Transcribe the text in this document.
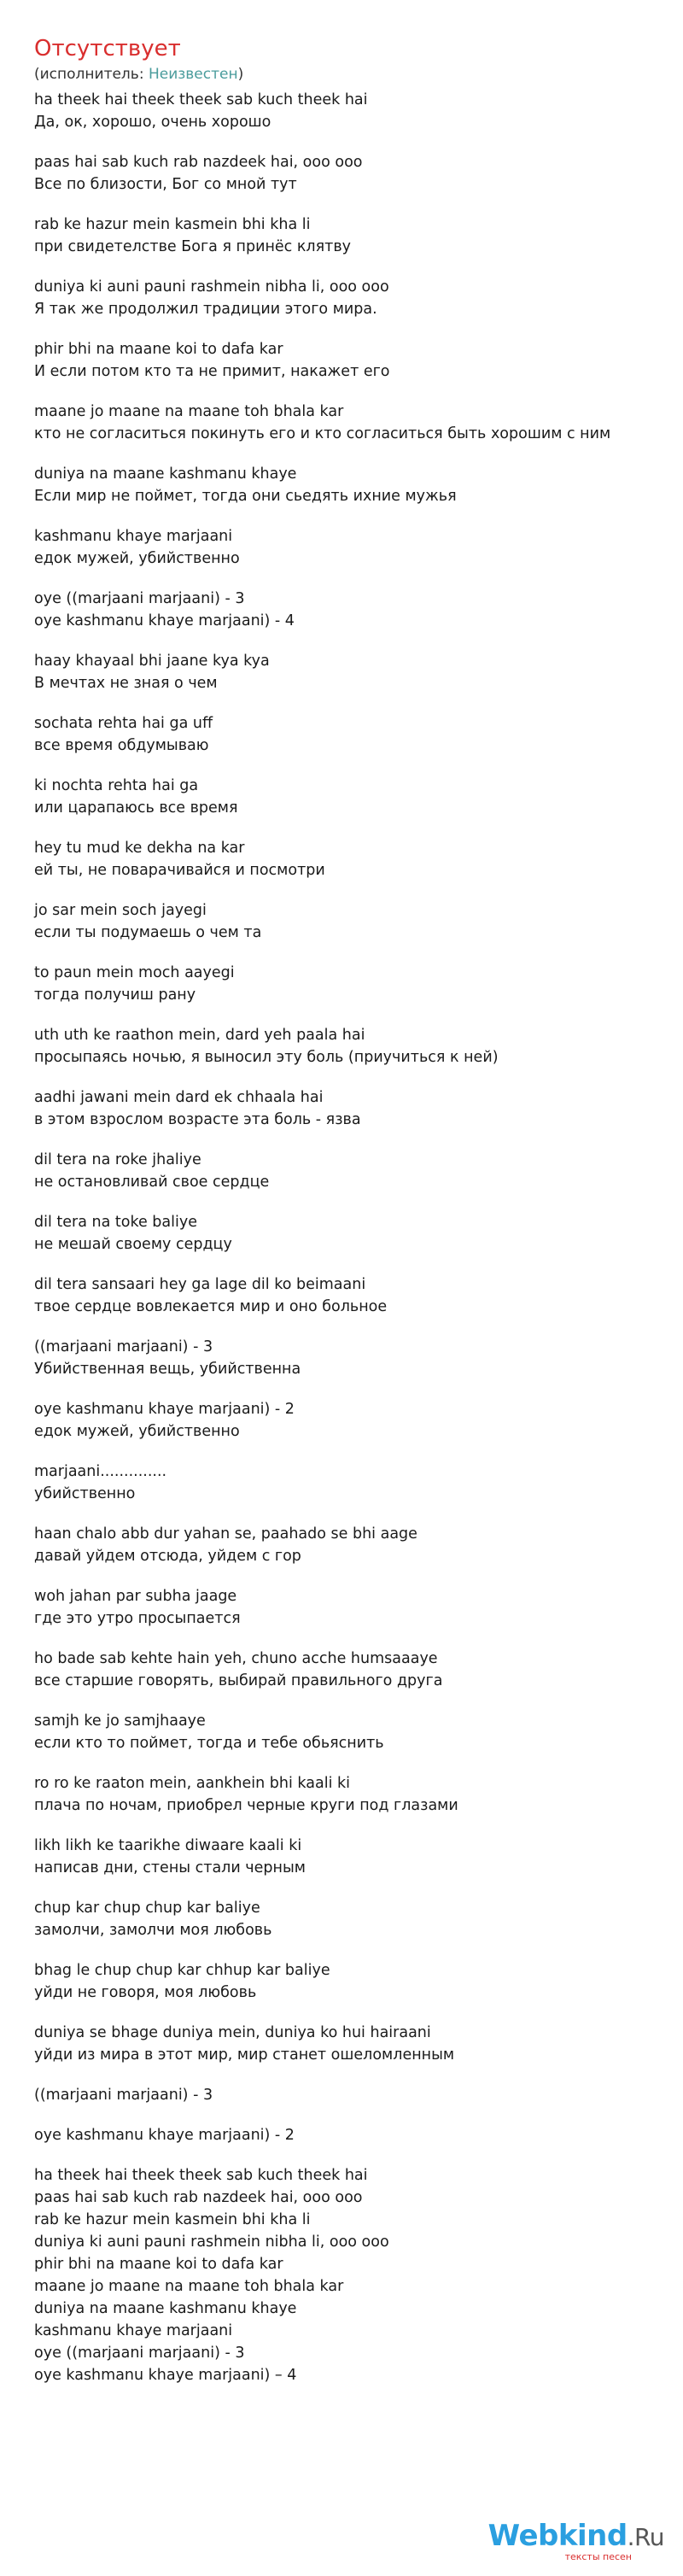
Отсутствует
(исполнитель: Неизвестен)
ha theek hai theek theek sab kuch theek hai
Да, ок, хорошо, очень хорошо
paas hai sab kuch rab nazdeek hai, ooo ooo
Все по близости, Бог со мной тут
rab ke hazur mein kasmein bhi kha li
при свидетелстве Бога я принёс клятву
duniya ki auni pauni rashmein nibha li, ooo ooo
Я так же продолжил традиции этого мира.
phir bhi na maane koi to dafa kar
И если потом кто та не примит, накажет его
maane jo maane na maane toh bhala kar
кто не согласиться покинуть его и кто согласиться быть хорошим с ним
duniya na maane kashmanu khaye
Если мир не поймет, тогда они сьедять ихние мужья
kashmanu khaye marjaani
едок мужей, убийственно
oye ((marjaani marjaani) - 3
oye kashmanu khaye marjaani) - 4
haay khayaal bhi jaane kya kya
В мечтах не зная о чем
sochata rehta hai ga uff
все время обдумываю
ki nochta rehta hai ga
или царапаюсь все время
hey tu mud ke dekha na kar
ей ты, не поварачивайся и посмотри
jo sar mein soch jayegi
если ты подумаешь о чем та
to paun mein moch aayegi
тогда получиш рану
uth uth ke raathon mein, dard yeh paala hai
просыпаясь ночью, я выносил эту боль (приучиться к ней)
aadhi jawani mein dard ek chhaala hai
в этом взрослом возрасте эта боль - язва
dil tera na roke jhaliye
не остановливай свое сердце
dil tera na toke baliye
не мешай своему сердцу
dil tera sansaari hey ga lage dil ko beimaani
твое сердце вовлекается мир и оно больное
((marjaani marjaani) - 3
Убийственная вещь, убийственна
oye kashmanu khaye marjaani) - 2
едок мужей, убийственно
marjaani..............
убийственно
haan chalo abb dur yahan se, paahado se bhi aage
давай уйдем отсюда, уйдем с гор
woh jahan par subha jaage
где это утро просыпается
ho bade sab kehte hain yeh, chuno acche humsaaaye
все старшие говорять, выбирай правильного друга
samjh ke jo samjhaaye
если кто то поймет, тогда и тебе обьяснить
ro ro ke raaton mein, aankhein bhi kaali ki
плача по ночам, приобрел черные круги под глазами
likh likh ke taarikhe diwaare kaali ki
написав дни, стены стали черным
chup kar chup chup kar baliye
замолчи, замолчи моя любовь
bhag le chup chup kar chhup kar baliye
уйди не говоря, моя любовь
duniya se bhage duniya mein, duniya ko hui hairaani
уйди из мира в этот мир, мир станет ошеломленным
((marjaani marjaani) - 3
oye kashmanu khaye marjaani) - 2
ha theek hai theek theek sab kuch theek hai
paas hai sab kuch rab nazdeek hai, ooo ooo
rab ke hazur mein kasmein bhi kha li
duniya ki auni pauni rashmein nibha li, ooo ooo
phir bhi na maane koi to dafa kar
maane jo maane na maane toh bhala kar
duniya na maane kashmanu khaye
kashmanu khaye marjaani
oye ((marjaani marjaani) - 3
oye kashmanu khaye marjaani) – 4
Webkind.Ru
тексты песен
